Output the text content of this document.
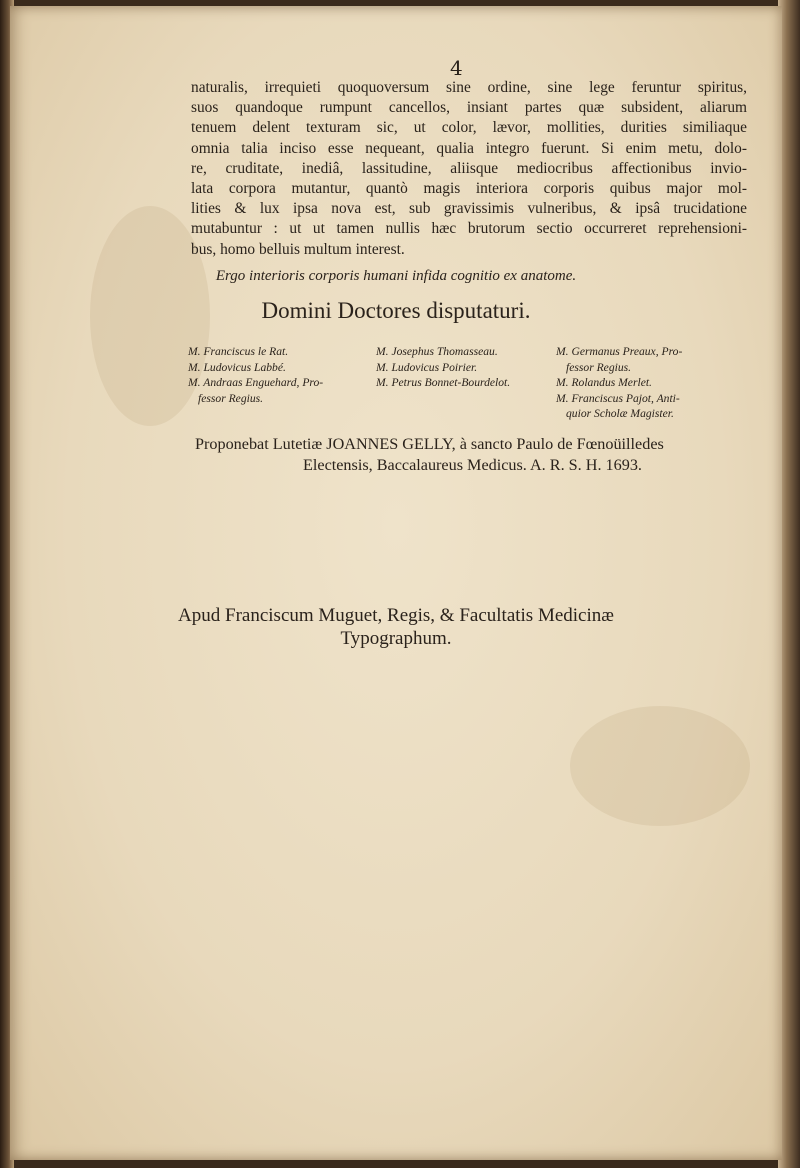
4
naturalis, irrequieti quoquoversum sine ordine, sine lege feruntur spiritus,
suos quandoque rumpunt cancellos, insiant partes quæ subsident, aliarum
tenuem delent texturam sic, ut color, lævor, mollities, durities similiaque
omnia talia inciso esse nequeant, qualia integro fuerunt. Si enim metu, dolo-
re, cruditate, inediâ, lassitudine, aliisque mediocribus affectionibus invio-
lata corpora mutantur, quantò magis interiora corporis quibus major mol-
lities & lux ipsa nova est, sub gravissimis vulneribus, & ipsâ trucidatione
mutabuntur : ut ut tamen nullis hæc brutorum sectio occurreret reprehensioni-
bus, homo belluis multum interest.
Ergo interioris corporis humani infida cognitio ex anatome.
Domini Doctores disputaturi.
M. Franciscus le Rat.
M. Ludovicus Labbé.
M. Andraas Enguehard, Pro-
fessor Regius.
M. Josephus Thomasseau.
M. Ludovicus Poirier.
M. Petrus Bonnet-Bourdelot.
M. Germanus Preaux, Pro-
fessor Regius.
M. Rolandus Merlet.
M. Franciscus Pajot, Anti-
quior Scholæ Magister.
Proponebat Lutetiæ JOANNES GELLY, à sancto Paulo de Fœnoüilledes
Electensis, Baccalaureus Medicus. A. R. S. H. 1693.
Apud Franciscum Muguet, Regis, & Facultatis Medicinæ
Typographum.
